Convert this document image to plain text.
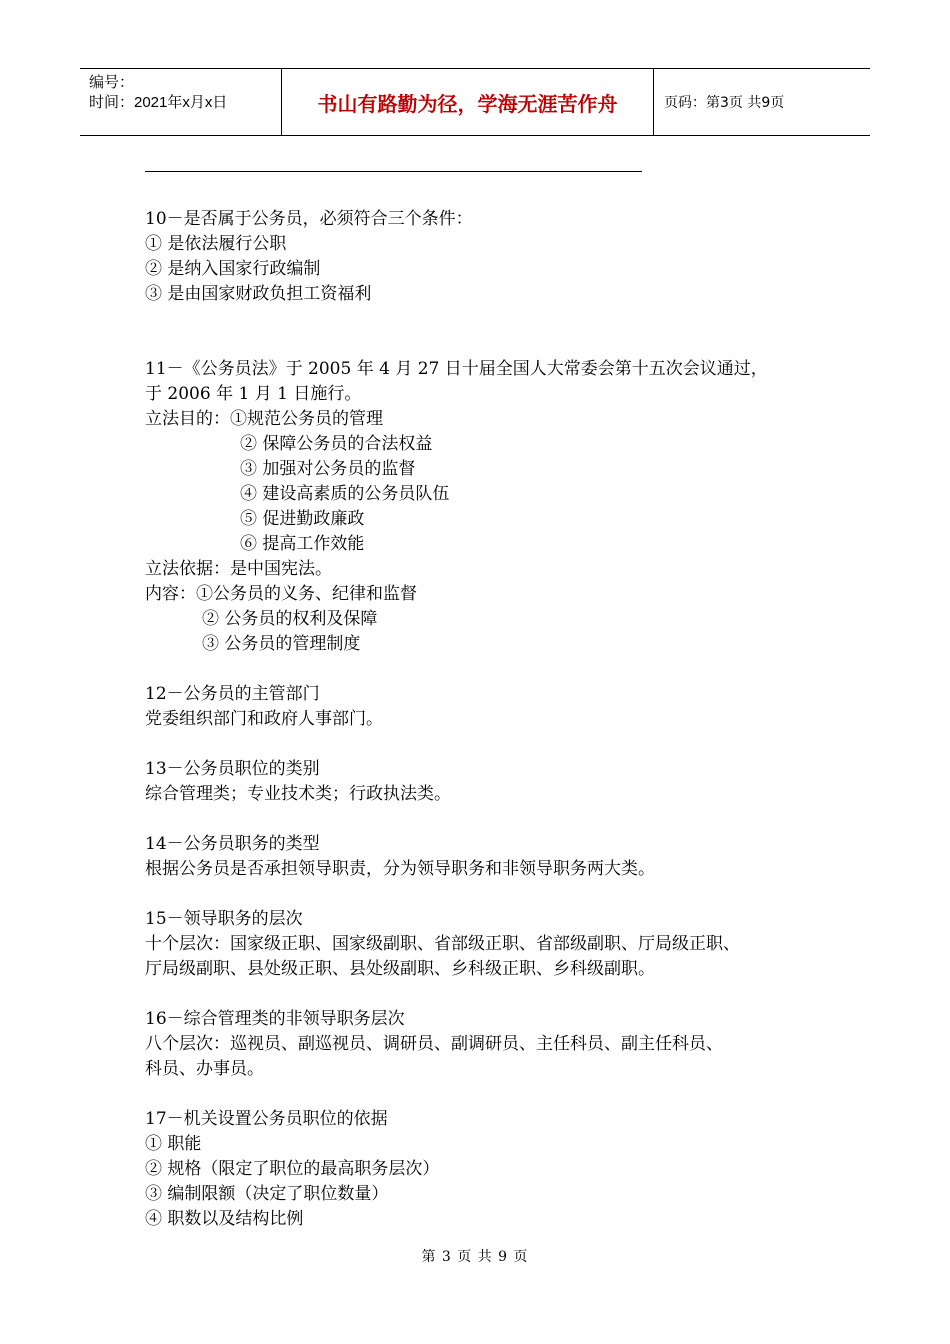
编号：
时间：2021年x月x日	书山有路勤为径，学海无涯苦作舟	页码：第3页 共9页
10－是否属于公务员，必须符合三个条件：
① 是依法履行公职
② 是纳入国家行政编制
③ 是由国家财政负担工资福利
11－《公务员法》于 2005 年 4 月 27 日十届全国人大常委会第十五次会议通过，
于 2006 年 1 月 1 日施行。
立法目的：①规范公务员的管理
② 保障公务员的合法权益
③ 加强对公务员的监督
④ 建设高素质的公务员队伍
⑤ 促进勤政廉政
⑥ 提高工作效能
立法依据：是中国宪法。
内容：①公务员的义务、纪律和监督
② 公务员的权利及保障
③ 公务员的管理制度
12－公务员的主管部门
党委组织部门和政府人事部门。
13－公务员职位的类别
综合管理类；专业技术类；行政执法类。
14－公务员职务的类型
根据公务员是否承担领导职责，分为领导职务和非领导职务两大类。
15－领导职务的层次
十个层次：国家级正职、国家级副职、省部级正职、省部级副职、厅局级正职、
厅局级副职、县处级正职、县处级副职、乡科级正职、乡科级副职。
16－综合管理类的非领导职务层次
八个层次：巡视员、副巡视员、调研员、副调研员、主任科员、副主任科员、
科员、办事员。
17－机关设置公务员职位的依据
① 职能
② 规格（限定了职位的最高职务层次）
③ 编制限额（决定了职位数量）
④ 职数以及结构比例
第 3 页 共 9 页
